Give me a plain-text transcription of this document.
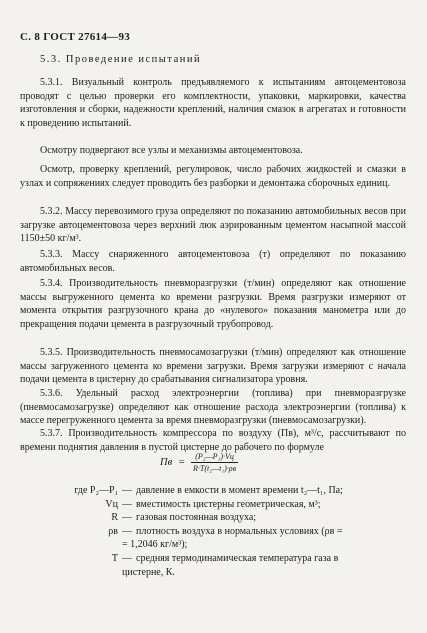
С. 8 ГОСТ 27614—93
5.3. Проведение испытаний

5.3.1. Визуальный контроль предъявляемого к испытаниям автоцементовоза проводят с целью проверки его комплектности, упаковки, маркировки, качества изготовления и сборки, надежности креплений, наличия смазок в агрегатах и готовности к проведению испытаний.

Осмотру подвергают все узлы и механизмы автоцементовоза.

Осмотр, проверку креплений, регулировок, число рабочих жидкостей и смазки в узлах и сопряжениях следует проводить без разборки и демонтажа сборочных единиц.

5.3.2. Массу перевозимого груза определяют по показанию автомобильных весов при загрузке автоцементовоза через верхний люк аэрированным цементом насыпной массой 1150±50 кг/м³.

5.3.3. Массу снаряженного автоцементовоза (т) определяют по показанию автомобильных весов.

5.3.4. Производительность пневморазгрузки (т/мин) определяют как отношение массы выгруженного цемента ко времени разгрузки. Время разгрузки измеряют от момента открытия разгрузочного крана до «нулевого» показания манометра или до прекращения подачи цемента в разгрузочный трубопровод.

5.3.5. Производительность пневмосамозагрузки (т/мин) определяют как отношение массы загруженного цемента ко времени загрузки. Время загрузки измеряют с начала подачи цемента в цистерну до срабатывания сигнализатора уровня.

5.3.6. Удельный расход электроэнергии (топлива) при пневморазгрузке (пневмосамозагрузке) определяют как отношение расхода электроэнергии (топлива) к массе перегруженного цемента за время пневморазгрузки (пневмосамозагрузки).

5.3.7. Производительность компрессора по воздуху (Пв), м³/с, рассчитывают по времени поднятия давления в пустой цистерне до рабочего по формуле

Пв = $\frac{\text{(P₂—P₁)·Vц}}{\text{R·T(t₂—t₁)·ρв}}$
где P₂—P₁ — давление в емкости в момент времени t₂—t₁, Па;
Vц — вместимость цистерны геометрическая, м³;
R — газовая постоянная воздуха;
ρв — плотность воздуха в нормальных условиях (ρв =
= 1,2046 кг/м³);
T — средняя термодинамическая температура газа в
цистерне, К.
